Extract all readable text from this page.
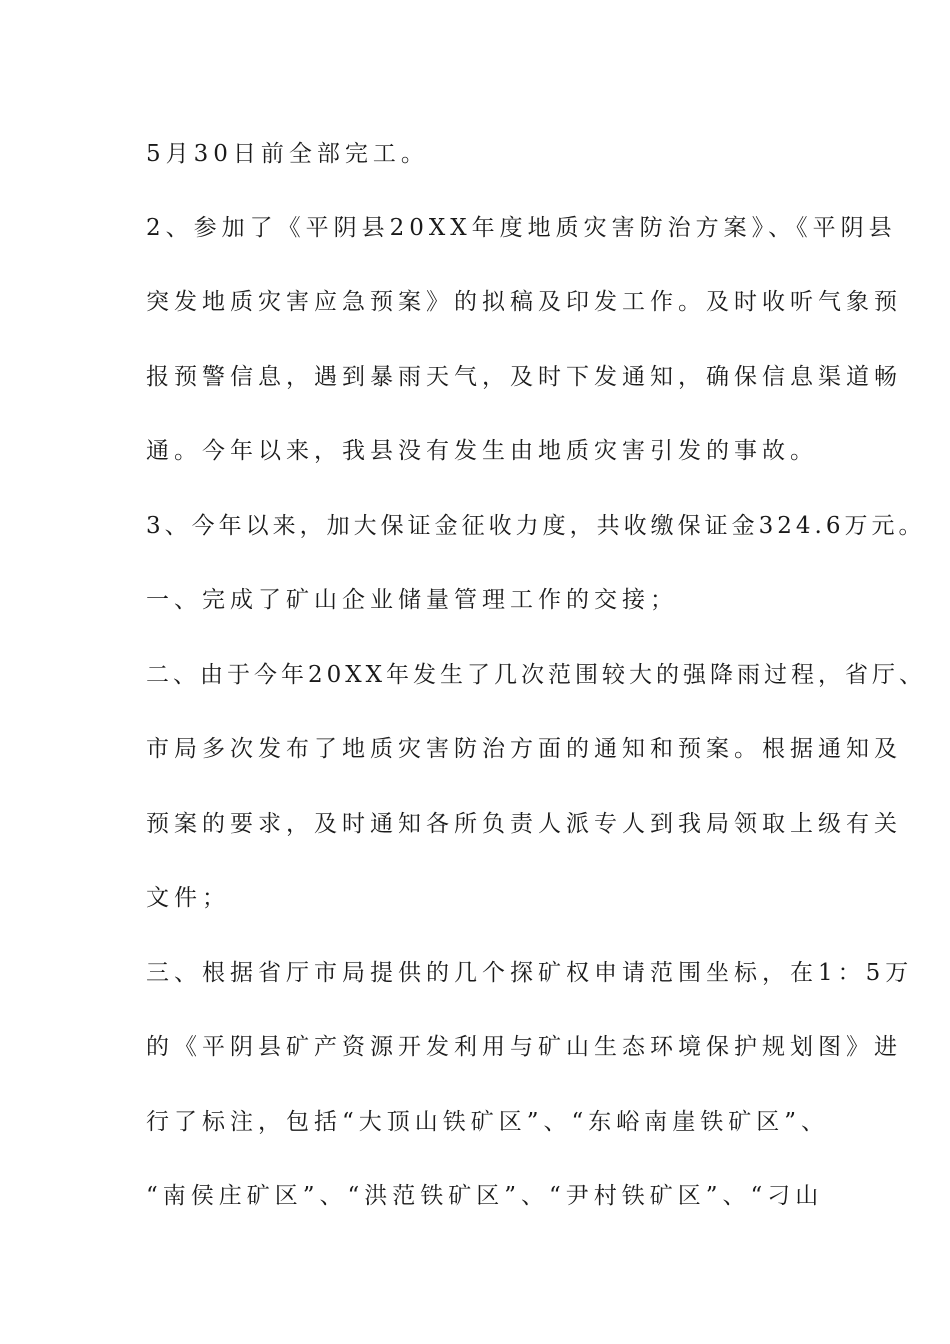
5月30日前全部完工。

2、参加了《平阴县20XX年度地质灾害防治方案》、《平阴县

突发地质灾害应急预案》的拟稿及印发工作。及时收听气象预

报预警信息，遇到暴雨天气，及时下发通知，确保信息渠道畅

通。今年以来，我县没有发生由地质灾害引发的事故。

3、今年以来，加大保证金征收力度，共收缴保证金324.6万元。

一、完成了矿山企业储量管理工作的交接；

二、由于今年20XX年发生了几次范围较大的强降雨过程，省厅、

市局多次发布了地质灾害防治方面的通知和预案。根据通知及

预案的要求，及时通知各所负责人派专人到我局领取上级有关

文件；

三、根据省厅市局提供的几个探矿权申请范围坐标，在1：5万

的《平阴县矿产资源开发利用与矿山生态环境保护规划图》进

行了标注，包括“大顶山铁矿区”、“东峪南崖铁矿区”、

“南侯庄矿区”、“洪范铁矿区”、“尹村铁矿区”、“刁山
